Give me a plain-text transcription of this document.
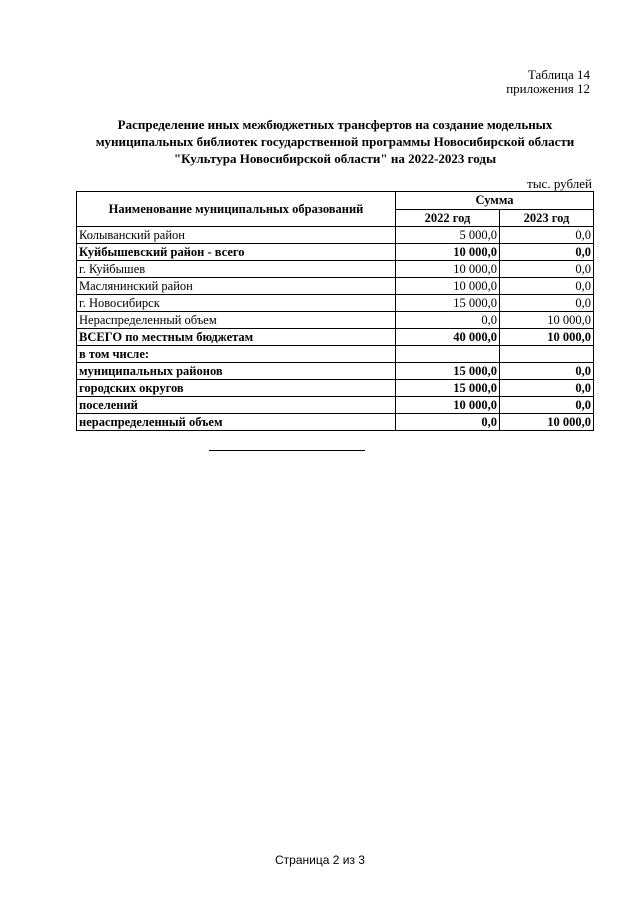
Таблица 14
приложения 12
Распределение иных межбюджетных трансфертов на создание модельных
муниципальных библиотек государственной программы Новосибирской области
"Культура Новосибирской области" на 2022-2023 годы
тыс. рублей
Наименование муниципальных образований	Сумма	
	2022 год	2023 год
Колыванский район	5 000,0	0,0
Куйбышевский район - всего	10 000,0	0,0
г. Куйбышев	10 000,0	0,0
Маслянинский район	10 000,0	0,0
г. Новосибирск	15 000,0	0,0
Нераспределенный объем	0,0	10 000,0
ВСЕГО по местным бюджетам	40 000,0	10 000,0
в том числе:		
муниципальных районов	15 000,0	0,0
городских округов	15 000,0	0,0
поселений	10 000,0	0,0
нераспределенный объем	0,0	10 000,0
Страница 2 из 3
